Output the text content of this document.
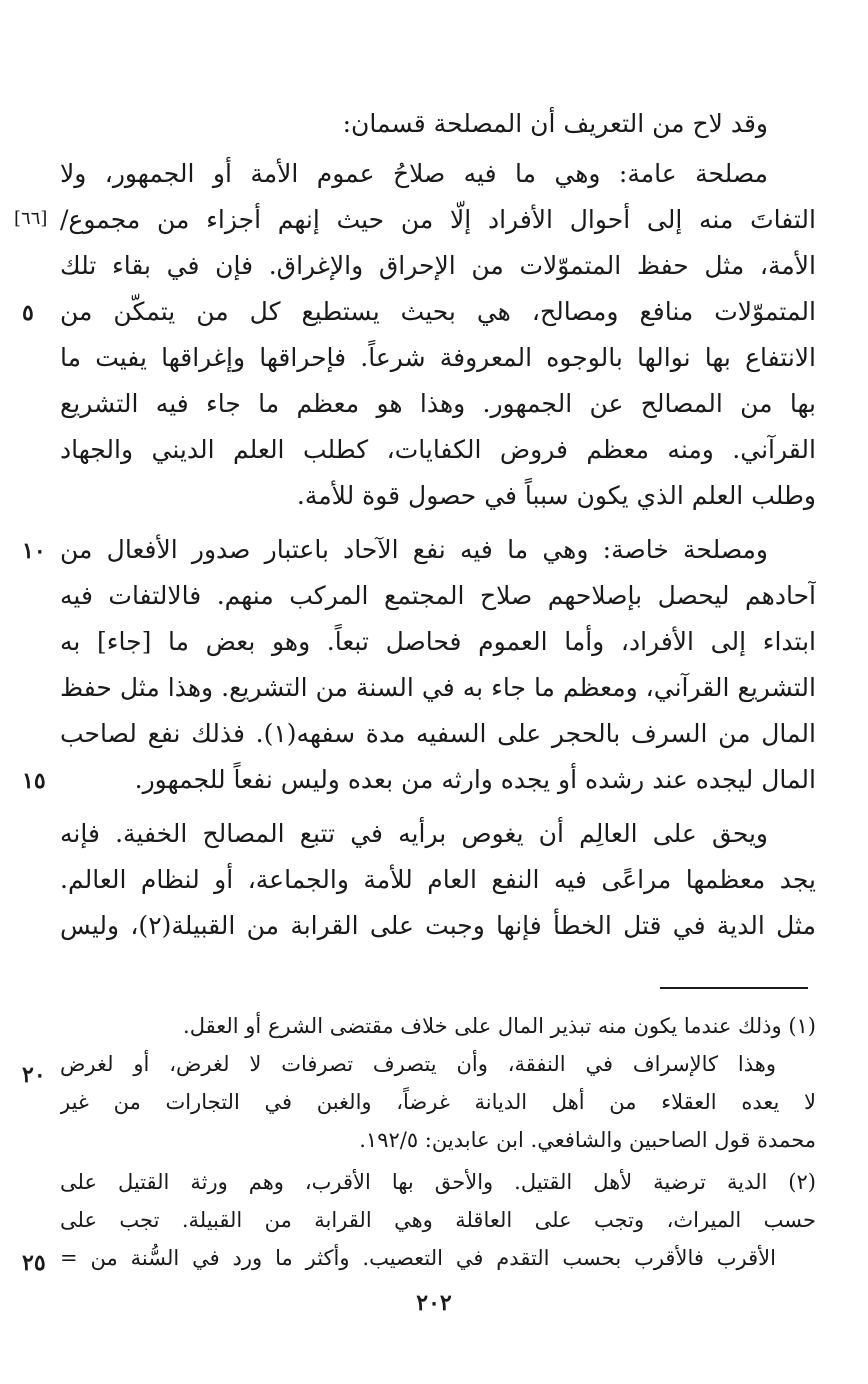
وقد لاح من التعريف أن المصلحة قسمان:
مصلحة عامة: وهي ما فيه صلاحُ عموم الأمة أو الجمهور، ولا
التفاتَ منه إلى أحوال الأفراد إلّا من حيث إنهم أجزاء من مجموع/
الأمة، مثل حفظ المتموّلات من الإحراق والإغراق. فإن في بقاء تلك
المتموّلات منافع ومصالح، هي بحيث يستطيع كل من يتمكّن من
الانتفاع بها نوالها بالوجوه المعروفة شرعاً. فإحراقها وإغراقها يفيت ما
بها من المصالح عن الجمهور. وهذا هو معظم ما جاء فيه التشريع
القرآني. ومنه معظم فروض الكفايات، كطلب العلم الديني والجهاد
وطلب العلم الذي يكون سبباً في حصول قوة للأمة.
ومصلحة خاصة: وهي ما فيه نفع الآحاد باعتبار صدور الأفعال من
آحادهم ليحصل بإصلاحهم صلاح المجتمع المركب منهم. فالالتفات فيه
ابتداء إلى الأفراد، وأما العموم فحاصل تبعاً. وهو بعض ما [جاء] به
التشريع القرآني، ومعظم ما جاء به في السنة من التشريع. وهذا مثل حفظ
المال من السرف بالحجر على السفيه مدة سفهه(١). فذلك نفع لصاحب
المال ليجده عند رشده أو يجده وارثه من بعده وليس نفعاً للجمهور.
ويحق على العالِم أن يغوص برأيه في تتبع المصالح الخفية. فإنه
يجد معظمها مراعًى فيه النفع العام للأمة والجماعة، أو لنظام العالم.
مثل الدية في قتل الخطأ فإنها وجبت على القرابة من القبيلة(٢)، وليس
[٦٦]
٥
١٠
١٥
٢٠
٢٥
(١) وذلك عندما يكون منه تبذير المال على خلاف مقتضى الشرع أو العقل.
وهذا كالإسراف في النفقة، وأن يتصرف تصرفات لا لغرض، أو لغرض
لا يعده العقلاء من أهل الديانة غرضاً، والغبن في التجارات من غير
محمدة قول الصاحبين والشافعي. ابن عابدين: ١٩٢/٥.
(٢) الدية ترضية لأهل القتيل. والأحق بها الأقرب، وهم ورثة القتيل على
حسب الميراث، وتجب على العاقلة وهي القرابة من القبيلة. تجب على
الأقرب فالأقرب بحسب التقدم في التعصيب. وأكثر ما ورد في السُّنة من =
٢٠٢
